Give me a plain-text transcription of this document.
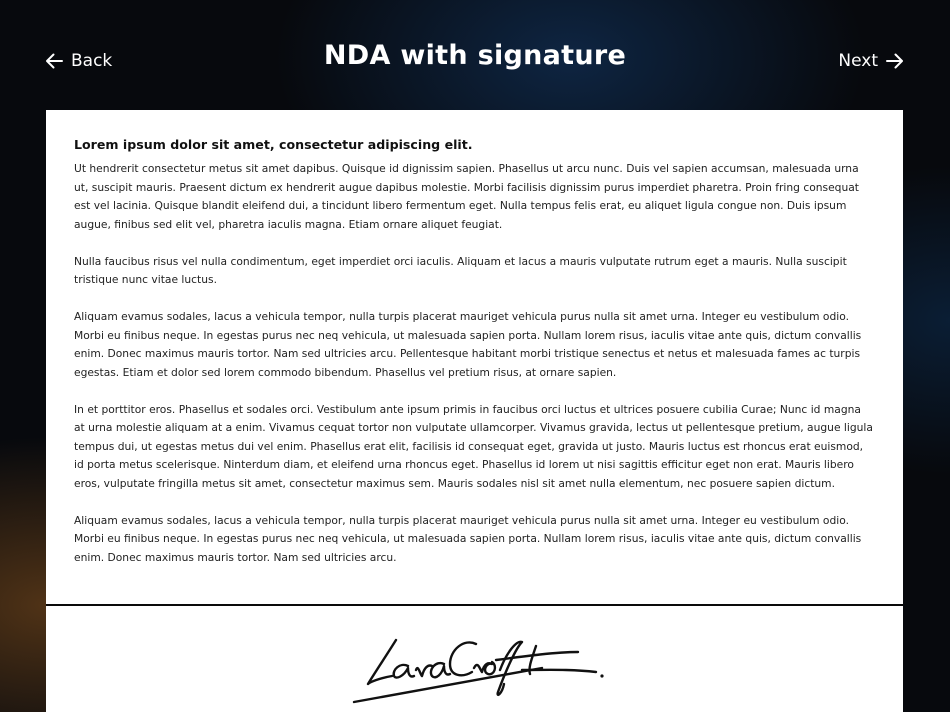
Back	NDA with signature	Next

Lorem ipsum dolor sit amet, consectetur adipiscing elit.

Ut hendrerit consectetur metus sit amet dapibus. Quisque id dignissim sapien. Phasellus ut arcu nunc. Duis vel sapien accumsan, malesuada urna ut, suscipit mauris. Praesent dictum ex hendrerit augue dapibus molestie. Morbi facilisis dignissim purus imperdiet pharetra. Proin fring consequat est vel lacinia. Quisque blandit eleifend dui, a tincidunt libero fermentum eget. Nulla tempus felis erat, eu aliquet ligula congue non. Duis ipsum augue, finibus sed elit vel, pharetra iaculis magna. Etiam ornare aliquet feugiat.

Nulla faucibus risus vel nulla condimentum, eget imperdiet orci iaculis. Aliquam et lacus a mauris vulputate rutrum eget a mauris. Nulla suscipit tristique nunc vitae luctus.

Aliquam evamus sodales, lacus a vehicula tempor, nulla turpis placerat mauriget vehicula purus nulla sit amet urna. Integer eu vestibulum odio. Morbi eu finibus neque. In egestas purus nec neq vehicula, ut malesuada sapien porta. Nullam lorem risus, iaculis vitae ante quis, dictum convallis enim. Donec maximus mauris tortor. Nam sed ultricies arcu. Pellentesque habitant morbi tristique senectus et netus et malesuada fames ac turpis egestas. Etiam et dolor sed lorem commodo bibendum. Phasellus vel pretium risus, at ornare sapien.

In et porttitor eros. Phasellus et sodales orci. Vestibulum ante ipsum primis in faucibus orci luctus et ultrices posuere cubilia Curae; Nunc id magna at urna molestie aliquam at a enim. Vivamus cequat tortor non vulputate ullamcorper. Vivamus gravida, lectus ut pellentesque pretium, augue ligula tempus dui, ut egestas metus dui vel enim. Phasellus erat elit, facilisis id consequat eget, gravida ut justo. Mauris luctus est rhoncus erat euismod, id porta metus scelerisque. Ninterdum diam, et eleifend urna rhoncus eget. Phasellus id lorem ut nisi sagittis efficitur eget non erat. Mauris libero eros, vulputate fringilla metus sit amet, consectetur maximus sem. Mauris sodales nisl sit amet nulla elementum, nec posuere sapien dictum.

Aliquam evamus sodales, lacus a vehicula tempor, nulla turpis placerat mauriget vehicula purus nulla sit amet urna. Integer eu vestibulum odio. Morbi eu finibus neque. In egestas purus nec neq vehicula, ut malesuada sapien porta. Nullam lorem risus, iaculis vitae ante quis, dictum convallis enim. Donec maximus mauris tortor. Nam sed ultricies arcu.
